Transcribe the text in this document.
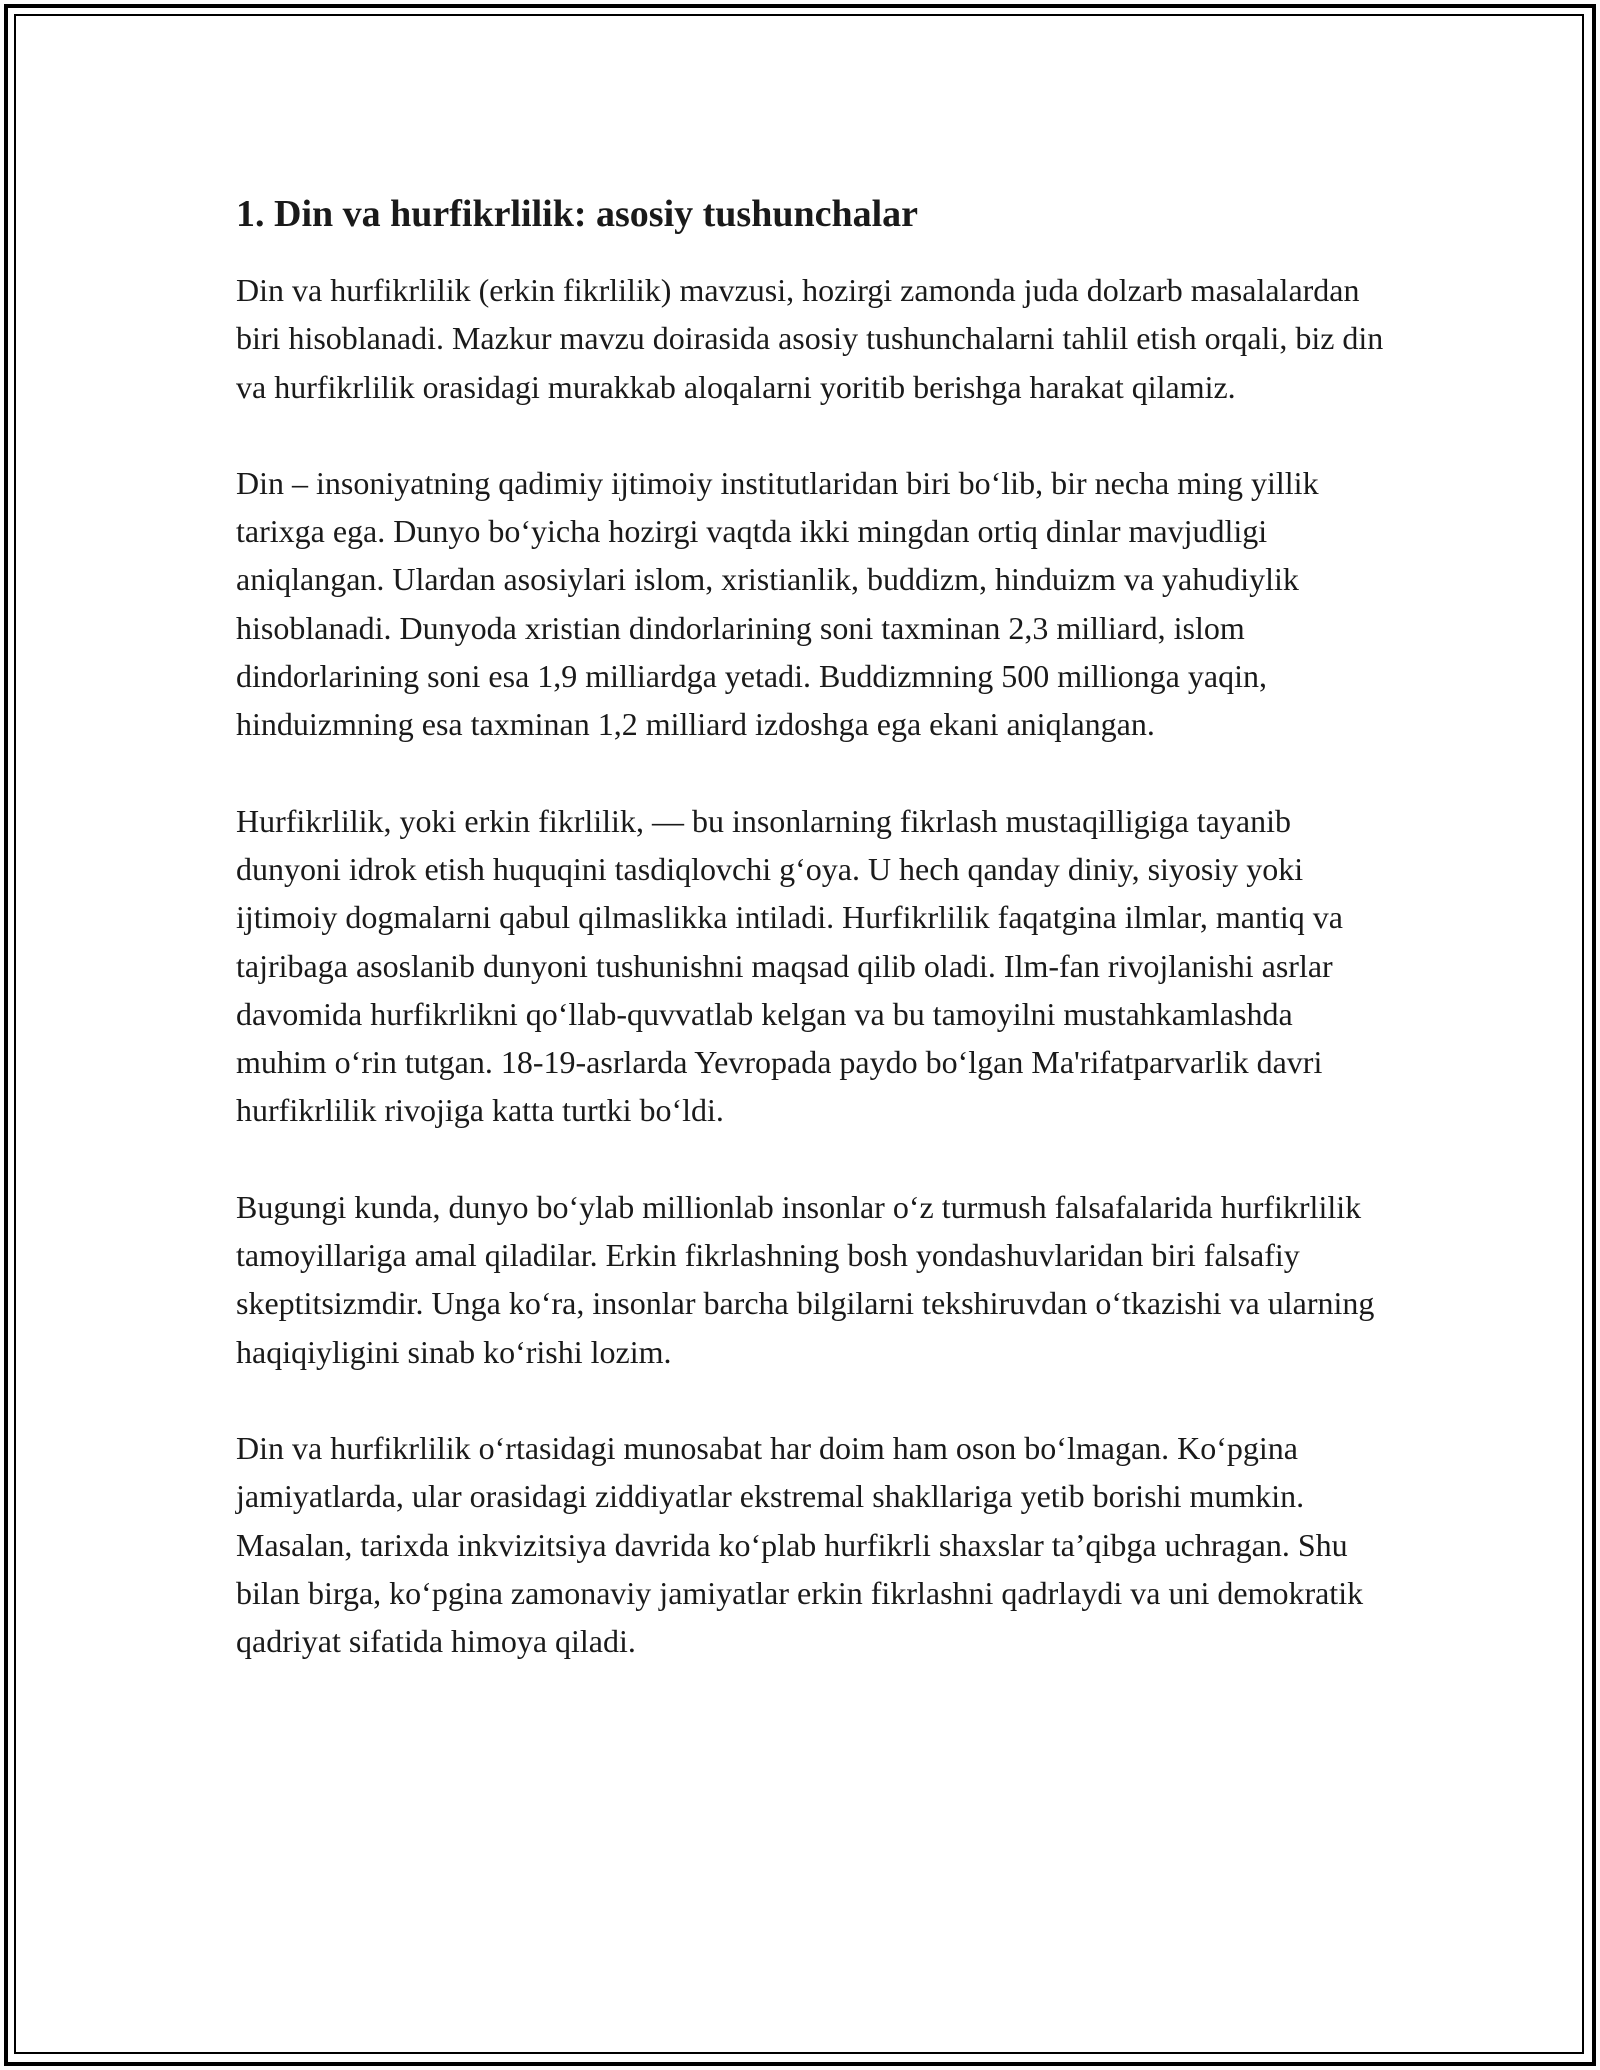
1. Din va hurfikrlilik: asosiy tushunchalar

Din va hurfikrlilik (erkin fikrlilik) mavzusi, hozirgi zamonda juda dolzarb masalalardan biri hisoblanadi. Mazkur mavzu doirasida asosiy tushunchalarni tahlil etish orqali, biz din va hurfikrlilik orasidagi murakkab aloqalarni yoritib berishga harakat qilamiz.

Din – insoniyatning qadimiy ijtimoiy institutlaridan biri boʻlib, bir necha ming yillik tarixga ega. Dunyo boʻyicha hozirgi vaqtda ikki mingdan ortiq dinlar mavjudligi aniqlangan. Ulardan asosiylari islom, xristianlik, buddizm, hinduizm va yahudiylik hisoblanadi. Dunyoda xristian dindorlarining soni taxminan 2,3 milliard, islom dindorlarining soni esa 1,9 milliardga yetadi. Buddizmning 500 millionga yaqin, hinduizmning esa taxminan 1,2 milliard izdoshga ega ekani aniqlangan.

Hurfikrlilik, yoki erkin fikrlilik, — bu insonlarning fikrlash mustaqilligiga tayanib dunyoni idrok etish huquqini tasdiqlovchi gʻoya. U hech qanday diniy, siyosiy yoki ijtimoiy dogmalarni qabul qilmaslikka intiladi. Hurfikrlilik faqatgina ilmlar, mantiq va tajribaga asoslanib dunyoni tushunishni maqsad qilib oladi. Ilm-fan rivojlanishi asrlar davomida hurfikrlikni qoʻllab-quvvatlab kelgan va bu tamoyilni mustahkamlashda muhim oʻrin tutgan. 18-19-asrlarda Yevropada paydo boʻlgan Ma'rifatparvarlik davri hurfikrlilik rivojiga katta turtki boʻldi.

Bugungi kunda, dunyo boʻylab millionlab insonlar oʻz turmush falsafalarida hurfikrlilik tamoyillariga amal qiladilar. Erkin fikrlashning bosh yondashuvlaridan biri falsafiy skeptitsizmdir. Unga koʻra, insonlar barcha bilgilarni tekshiruvdan oʻtkazishi va ularning haqiqiyligini sinab koʻrishi lozim.

Din va hurfikrlilik oʻrtasidagi munosabat har doim ham oson boʻlmagan. Koʻpgina jamiyatlarda, ular orasidagi ziddiyatlar ekstremal shakllariga yetib borishi mumkin. Masalan, tarixda inkvizitsiya davrida koʻplab hurfikrli shaxslar ta’qibga uchragan. Shu bilan birga, koʻpgina zamonaviy jamiyatlar erkin fikrlashni qadrlaydi va uni demokratik qadriyat sifatida himoya qiladi.
